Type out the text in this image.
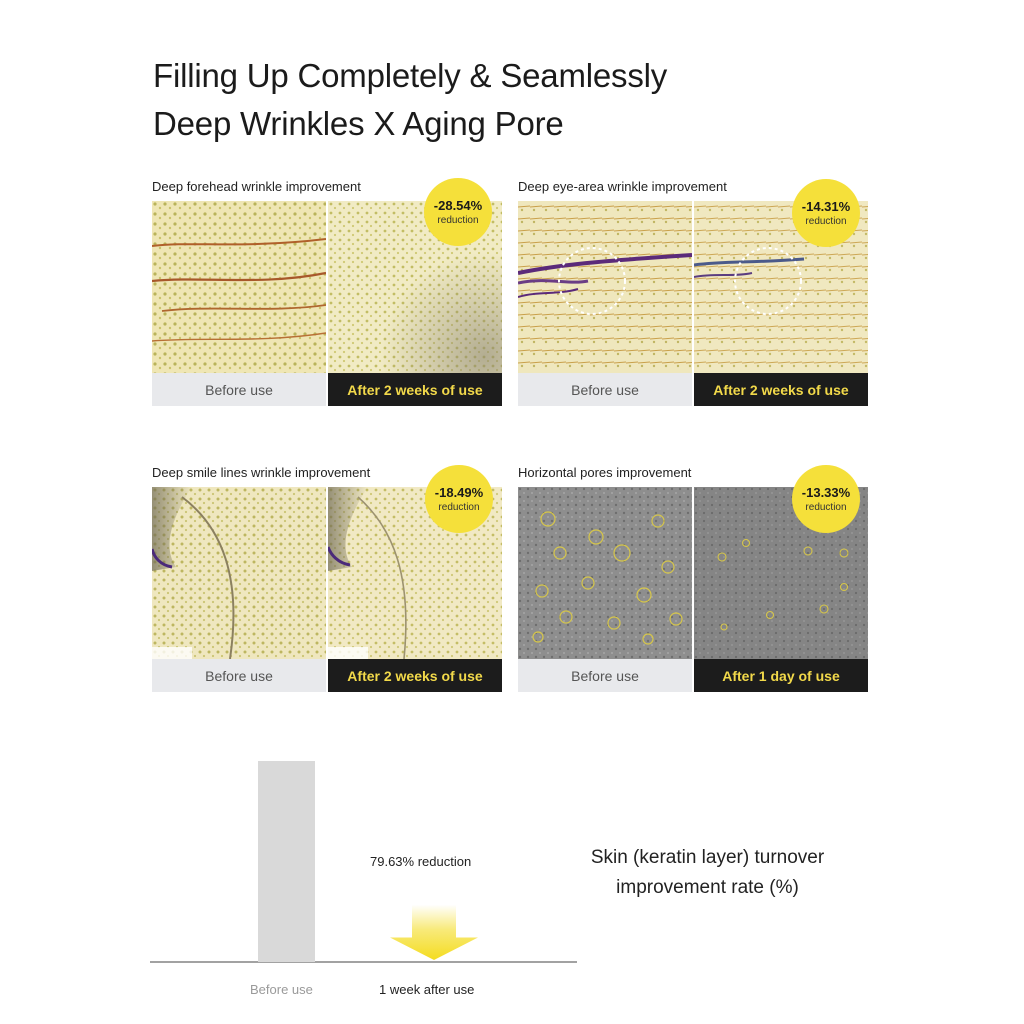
Filling Up Completely & Seamlessly
Deep Wrinkles X Aging Pore
Deep forehead wrinkle improvement
Before use	After 2 weeks of use
-28.54%
reduction
Deep eye-area wrinkle improvement
Before use	After 2 weeks of use
-14.31%
reduction
Deep smile lines wrinkle improvement
Before use	After 2 weeks of use
-18.49%
reduction
Horizontal pores improvement
Before use	After 1 day of use
-13.33%
reduction
79.63% reduction
Before use	1 week after use
Skin (keratin layer) turnover
improvement rate (%)
